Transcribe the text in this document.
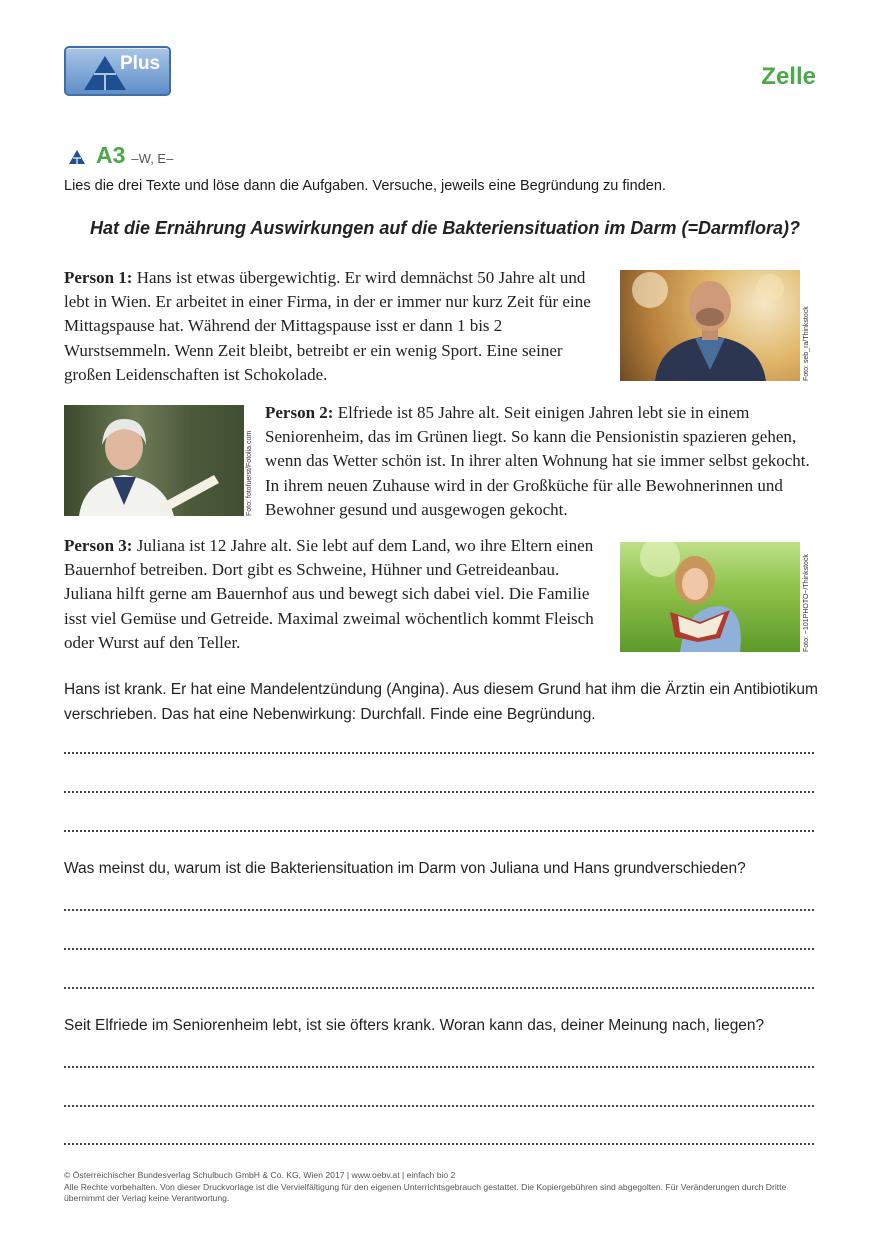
Plus	Zelle
A3 –W, E–
Lies die drei Texte und löse dann die Aufgaben. Versuche, jeweils eine Begründung zu finden.
Hat die Ernährung Auswirkungen auf die Bakteriensituation im Darm (=Darmflora)?
Person 1: Hans ist etwas übergewichtig. Er wird demnächst 50 Jahre alt und lebt in Wien. Er arbeitet in einer Firma, in der er immer nur kurz Zeit für eine Mittagspause hat. Während der Mittagspause isst er dann 1 bis 2 Wurstsemmeln. Wenn Zeit bleibt, betreibt er ein wenig Sport. Eine seiner großen Leidenschaften ist Schokolade.	Foto: seb_ra/Thinkstock
Foto: fotofuerst/Fotolia.com
Person 2: Elfriede ist 85 Jahre alt. Seit einigen Jahren lebt sie in einem Seniorenheim, das im Grünen liegt. So kann die Pensionistin spazieren gehen, wenn das Wetter schön ist. In ihrer alten Wohnung hat sie immer selbst gekocht. In ihrem neuen Zuhause wird in der Großküche für alle Bewohnerinnen und Bewohner gesund und ausgewogen gekocht.
Person 3: Juliana ist 12 Jahre alt. Sie lebt auf dem Land, wo ihre Eltern einen Bauernhof betreiben. Dort gibt es Schweine, Hühner und Getreideanbau. Juliana hilft gerne am Bauernhof aus und bewegt sich dabei viel. Die Familie isst viel Gemüse und Getreide. Maximal zweimal wöchentlich kommt Fleisch oder Wurst auf den Teller.	Foto: ~101PHOTO~/Thinkstock
Hans ist krank. Er hat eine Mandelentzündung (Angina). Aus diesem Grund hat ihm die Ärztin ein Antibiotikum verschrieben. Das hat eine Nebenwirkung: Durchfall. Finde eine Begründung.
Was meinst du, warum ist die Bakteriensituation im Darm von Juliana und Hans grundverschieden?
Seit Elfriede im Seniorenheim lebt, ist sie öfters krank. Woran kann das, deiner Meinung nach, liegen?
© Österreichischer Bundesverlag Schulbuch GmbH & Co. KG, Wien 2017 | www.oebv.at | einfach bio 2
Alle Rechte vorbehalten. Von dieser Druckvorlage ist die Vervielfältigung für den eigenen Unterrichtsgebrauch gestattet. Die Kopiergebühren sind abgegolten. Für Veränderungen durch Dritte übernimmt der Verlag keine Verantwortung.
